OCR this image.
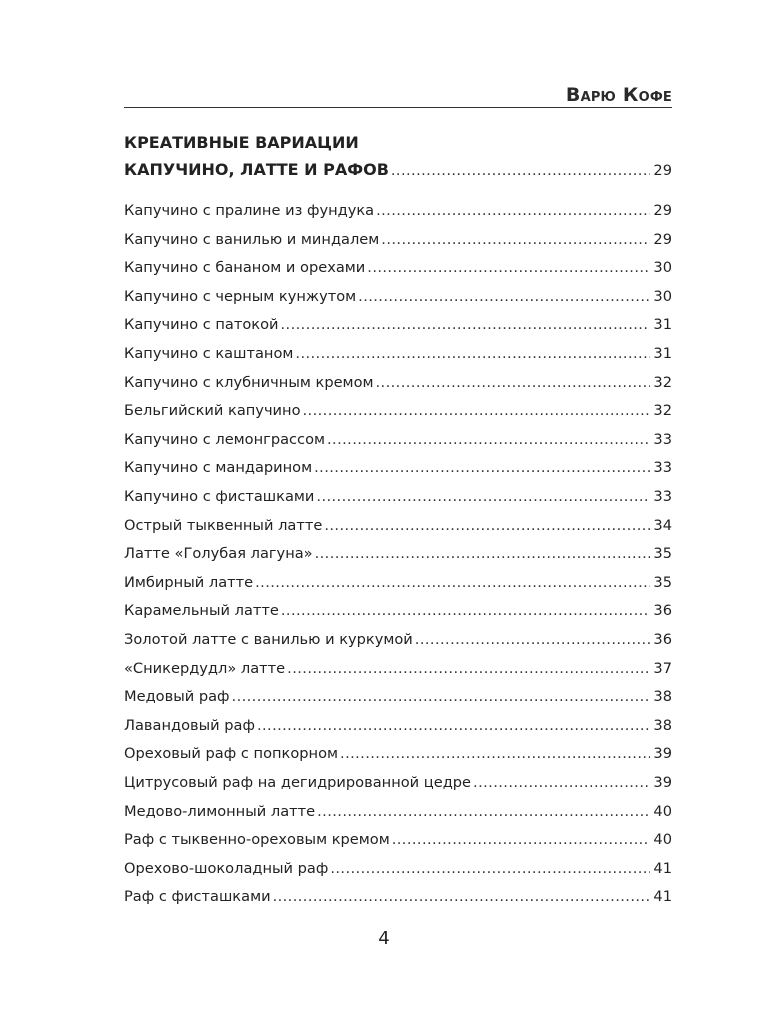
Варю Кофе
КРЕАТИВНЫЕ ВАРИАЦИИ
КАПУЧИНО, ЛАТТЕ И РАФОВ .....	29
Капучино с пралине из фундука .....	29
Капучино с ванилью и миндалем .....	29
Капучино с бананом и орехами .....	30
Капучино с черным кунжутом .....	30
Капучино с патокой .....	31
Капучино с каштаном .....	31
Капучино с клубничным кремом .....	32
Бельгийский капучино .....	32
Капучино с лемонграссом .....	33
Капучино с мандарином .....	33
Капучино с фисташками .....	33
Острый тыквенный латте .....	34
Латте «Голубая лагуна» .....	35
Имбирный латте .....	35
Карамельный латте .....	36
Золотой латте с ванилью и куркумой .....	36
«Сникердудл» латте .....	37
Медовый раф .....	38
Лавандовый раф .....	38
Ореховый раф с попкорном .....	39
Цитрусовый раф на дегидрированной цедре .....	39
Медово-лимонный латте .....	40
Раф с тыквенно-ореховым кремом .....	40
Орехово-шоколадный раф .....	41
Раф с фисташками .....	41
4
